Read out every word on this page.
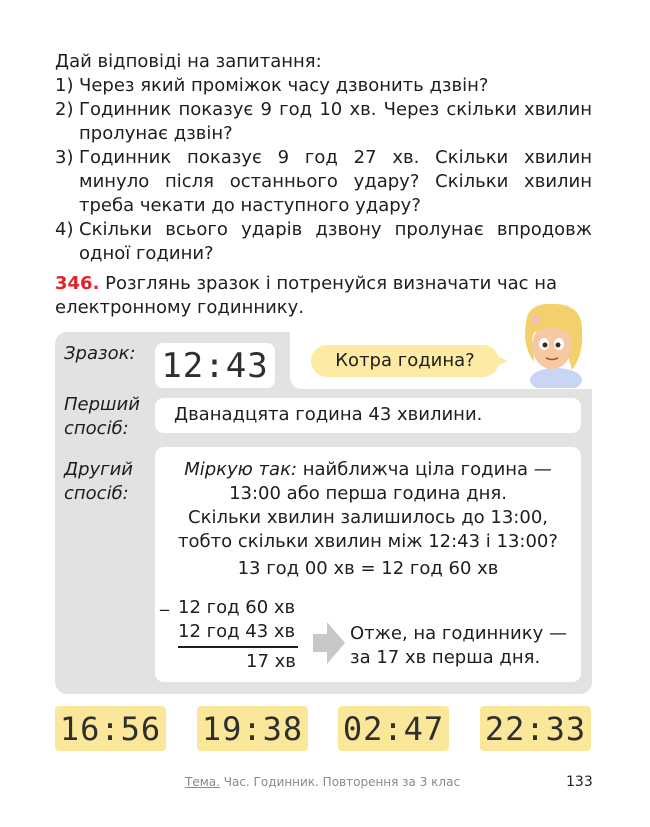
Дай відповіді на запитання:
1) Через який проміжок часу дзвонить дзвін?
2) Годинник показує 9 год 10 хв. Через скільки хвилин пролунає дзвін?
3) Годинник показує 9 год 27 хв. Скільки хвилин минуло після останнього удару? Скільки хвилин треба чекати до наступного удару?
4) Скільки всього ударів дзвону пролунає впродовж одної години?
346. Розглянь зразок і потренуйся визначати час на електронному годиннику.
Зразок: 12:43	Котра година?
Перший
спосіб:
Дванадцята година 43 хвилини.
Другий
спосіб:
Міркую так: найближча ціла година —
13:00 або перша година дня.
Скільки хвилин залишилось до 13:00,
тобто скільки хвилин між 12:43 і 13:00?
13 год 00 хв = 12 год 60 хв
_ 12 год 60 хв
12 год 43 хв
17 хв
Отже, на годиннику —
за 17 хв перша дня.
16:56 19:38 02:47 22:33
Тема. Час. Годинник. Повторення за 3 клас	133
